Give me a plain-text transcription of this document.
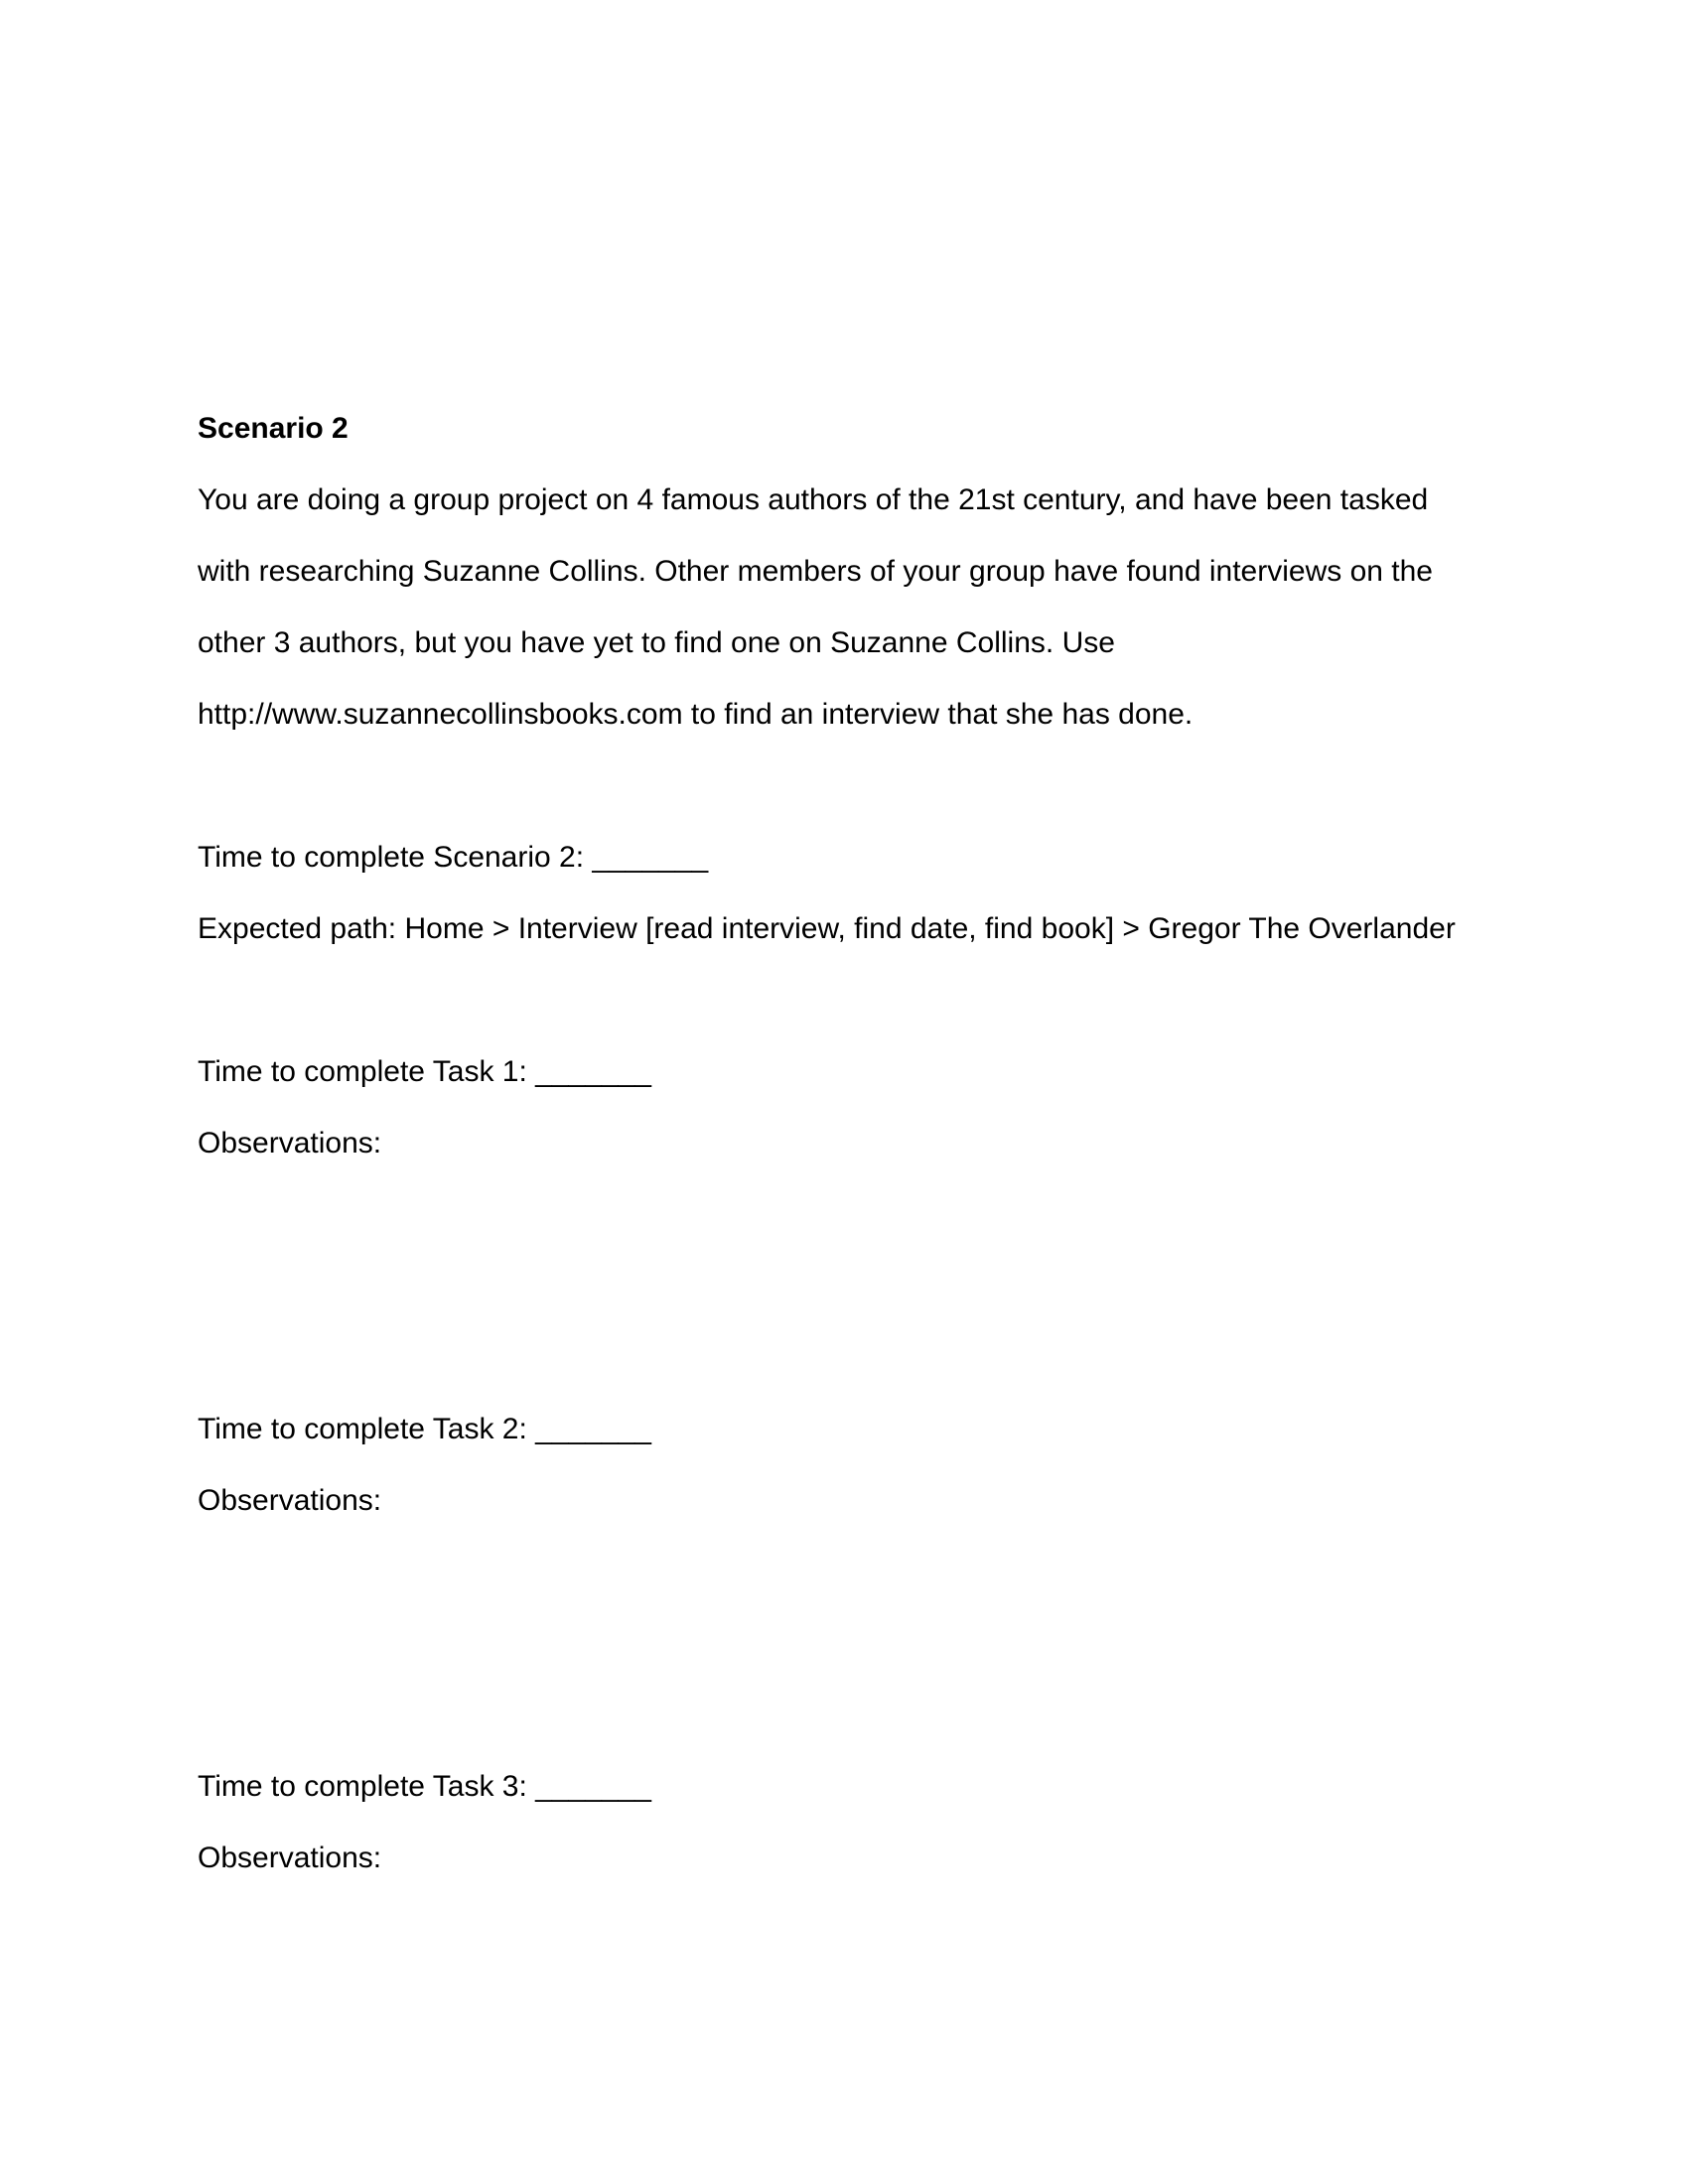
Scenario 2

You are doing a group project on 4 famous authors of the 21st century, and have been tasked

with researching Suzanne Collins. Other members of your group have found interviews on the

other 3 authors, but you have yet to find one on Suzanne Collins. Use

http://www.suzannecollinsbooks.com to find an interview that she has done.

Time to complete Scenario 2: _______

Expected path: Home > Interview [read interview, find date, find book] > Gregor The Overlander

Time to complete Task 1: _______

Observations:

Time to complete Task 2: _______

Observations:

Time to complete Task 3: _______

Observations:
